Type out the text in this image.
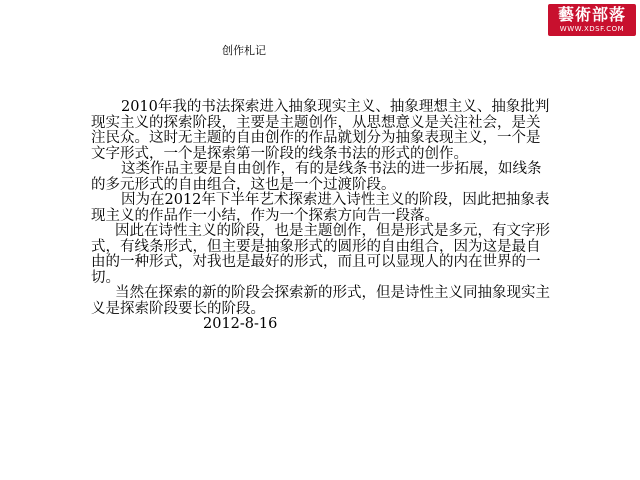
藝術部落
WWW.XDSF.COM
创作札记

2010年我的书法探索进入抽象现实主义、抽象理想主义、抽象批判现实主义的探索阶段，主要是主题创作，从思想意义是关注社会，是关注民众。这时无主题的自由创作的作品就划分为抽象表现主义，一个是文字形式，一个是探索第一阶段的线条书法的形式的创作。

这类作品主要是自由创作，有的是线条书法的进一步拓展，如线条的多元形式的自由组合，这也是一个过渡阶段。

因为在2012年下半年艺术探索进入诗性主义的阶段，因此把抽象表现主义的作品作一小结，作为一个探索方向告一段落。

因此在诗性主义的阶段，也是主题创作，但是形式是多元，有文字形式，有线条形式，但主要是抽象形式的圆形的自由组合，因为这是最自由的一种形式，对我也是最好的形式，而且可以显现人的内在世界的一切。

当然在探索的新的阶段会探索新的形式，但是诗性主义同抽象现实主义是探索阶段要长的阶段。

2012-8-16
